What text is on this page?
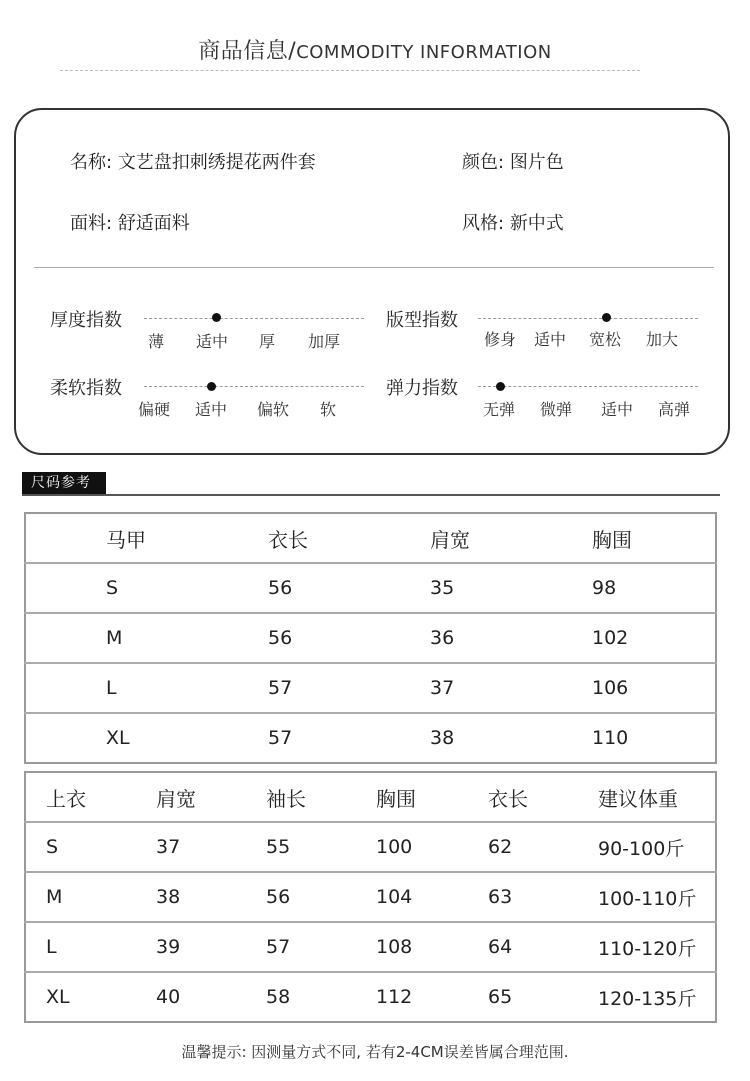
商品信息/COMMODITY INFORMATION
名称: 文艺盘扣刺绣提花两件套	颜色: 图片色
面料: 舒适面料	风格: 新中式
厚度指数
薄 适中 厚 加厚
版型指数
修身 适中 宽松 加大
柔软指数
偏硬 适中 偏软 软
弹力指数
无弹 微弹 适中 高弹
尺码参考
马甲	衣长	肩宽	胸围
S	56	35	98
M	56	36	102
L	57	37	106
XL	57	38	110
上衣	肩宽	袖长	胸围	衣长	建议体重
S	37	55	100	62	90-100斤
M	38	56	104	63	100-110斤
L	39	57	108	64	110-120斤
XL	40	58	112	65	120-135斤
温馨提示: 因测量方式不同, 若有2-4CM误差皆属合理范围.
